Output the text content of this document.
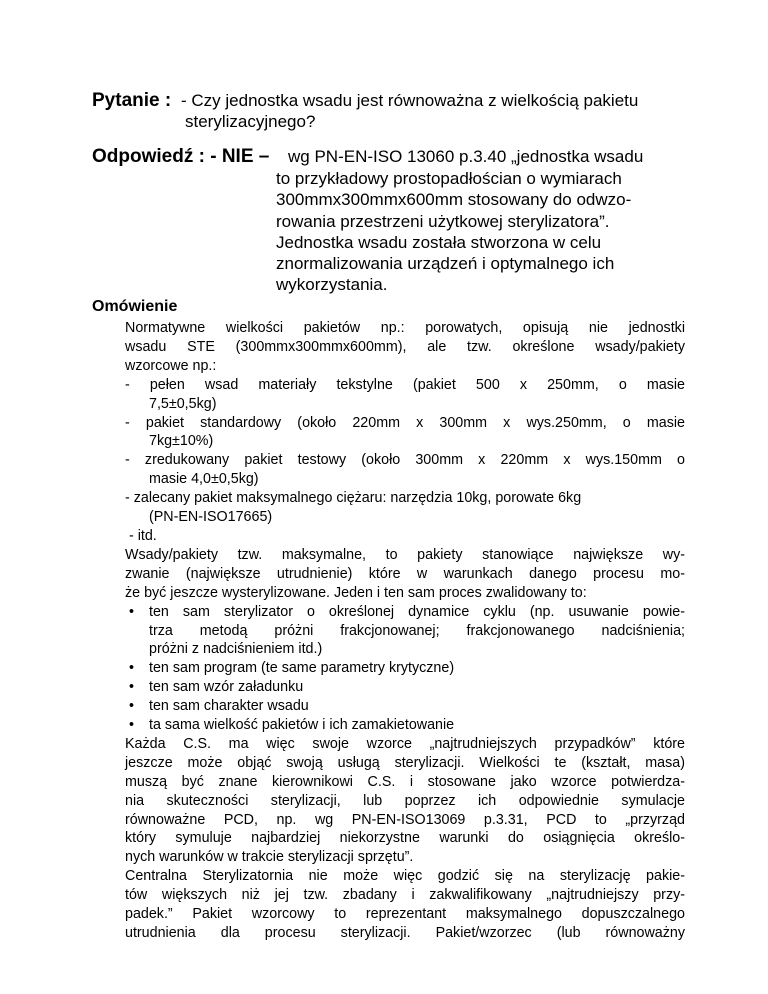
Pytanie : - Czy jednostka wsadu jest równoważna z wielkością pakietu
sterylizacyjnego?
Odpowiedź : - NIE – wg PN-EN-ISO 13060 p.3.40 „jednostka wsadu
to przykładowy prostopadłościan o wymiarach
300mmx300mmx600mm stosowany do odwzo-
rowania przestrzeni użytkowej sterylizatora”.
Jednostka wsadu została stworzona w celu
znormalizowania urządzeń i optymalnego ich
wykorzystania.
Omówienie
Normatywne wielkości pakietów np.: porowatych, opisują nie jednostki
wsadu STE (300mmx300mmx600mm), ale tzw. określone wsady/pakiety
wzorcowe np.:
- pełen wsad materiały tekstylne (pakiet 500 x 250mm, o masie
7,5±0,5kg)
- pakiet standardowy (około 220mm x 300mm x wys.250mm, o masie
7kg±10%)
- zredukowany pakiet testowy (około 300mm x 220mm x wys.150mm o
masie 4,0±0,5kg)
- zalecany pakiet maksymalnego ciężaru: narzędzia 10kg, porowate 6kg
(PN-EN-ISO17665)
- itd.
Wsady/pakiety tzw. maksymalne, to pakiety stanowiące największe wy-
zwanie (największe utrudnienie) które w warunkach danego procesu mo-
że być jeszcze wysterylizowane. Jeden i ten sam proces zwalidowany to:
• ten sam sterylizator o określonej dynamice cyklu (np. usuwanie powie-
trza metodą próżni frakcjonowanej; frakcjonowanego nadciśnienia;
próżni z nadciśnieniem itd.)
• ten sam program (te same parametry krytyczne)
• ten sam wzór załadunku
• ten sam charakter wsadu
• ta sama wielkość pakietów i ich zamakietowanie
Każda C.S. ma więc swoje wzorce „najtrudniejszych przypadków” które
jeszcze może objąć swoją usługą sterylizacji. Wielkości te (kształt, masa)
muszą być znane kierownikowi C.S. i stosowane jako wzorce potwierdza-
nia skuteczności sterylizacji, lub poprzez ich odpowiednie symulacje
równoważne PCD, np. wg PN-EN-ISO13069 p.3.31, PCD to „przyrząd
który symuluje najbardziej niekorzystne warunki do osiągnięcia określo-
nych warunków w trakcie sterylizacji sprzętu”.
Centralna Sterylizatornia nie może więc godzić się na sterylizację pakie-
tów większych niż jej tzw. zbadany i zakwalifikowany „najtrudniejszy przy-
padek.” Pakiet wzorcowy to reprezentant maksymalnego dopuszczalnego
utrudnienia dla procesu sterylizacji. Pakiet/wzorzec (lub równoważny
